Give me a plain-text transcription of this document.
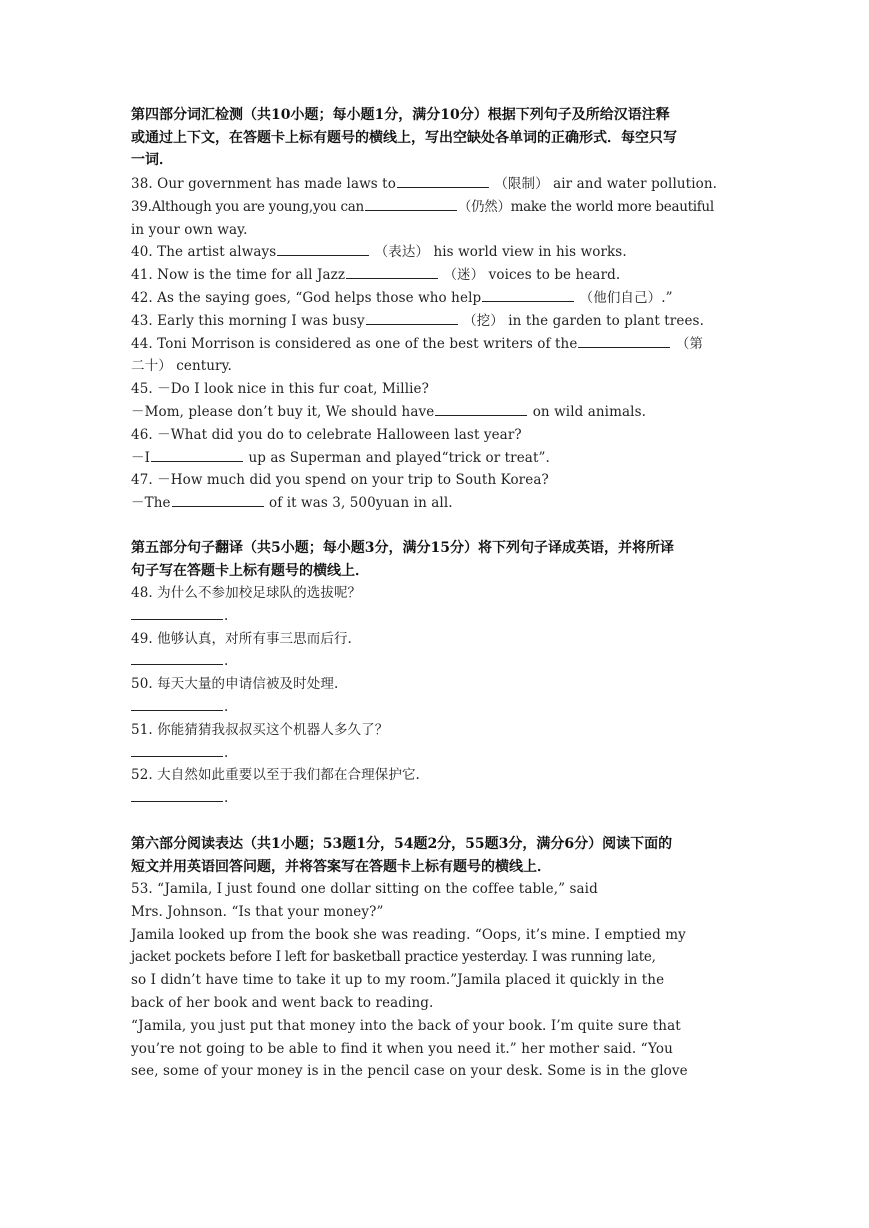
第四部分词汇检测（共10小题；每小题1分，满分10分）根据下列句子及所给汉语注释
或通过上下文，在答题卡上标有题号的横线上，写出空缺处各单词的正确形式．每空只写
一词．
38. Our government has made laws to	（限制） air and water pollution.
39.Although you are young,you can	（仍然）make the world more beautiful
in your own way.
40. The artist always	（表达） his world view in his works.
41. Now is the time for all Jazz	（迷） voices to be heard.
42. As the saying goes, “God helps those who help	（他们自己）.”
43. Early this morning I was busy	（挖） in the garden to plant trees.
44. Toni Morrison is considered as one of the best writers of the	（第
二十） century.
45. －Do I look nice in this fur coat, Millie?
－Mom, please don’t buy it, We should have	on wild animals.
46. －What did you do to celebrate Halloween last year?
－I	up as Superman and played“trick or treat”.
47. －How much did you spend on your trip to South Korea?
－The	of it was 3, 500yuan in all.
第五部分句子翻译（共5小题；每小题3分，满分15分）将下列句子译成英语，并将所译
句子写在答题卡上标有题号的横线上．
48. 为什么不参加校足球队的选拔呢？
.
49. 他够认真，对所有事三思而后行.
.
50. 每天大量的申请信被及时处理.
.
51. 你能猜猜我叔叔买这个机器人多久了？
.
52. 大自然如此重要以至于我们都在合理保护它.
.
第六部分阅读表达（共1小题；53题1分，54题2分，55题3分，满分6分）阅读下面的
短文并用英语回答问题，并将答案写在答题卡上标有题号的横线上．
53. “Jamila, I just found one dollar sitting on the coffee table,” said
Mrs. Johnson. “Is that your money?”
Jamila looked up from the book she was reading. “Oops, it’s mine. I emptied my
jacket pockets before I left for basketball practice yesterday. I was running late,
so I didn’t have time to take it up to my room.”Jamila placed it quickly in the
back of her book and went back to reading.
“Jamila, you just put that money into the back of your book. I’m quite sure that
you’re not going to be able to find it when you need it.” her mother said. “You
see, some of your money is in the pencil case on your desk. Some is in the glove
